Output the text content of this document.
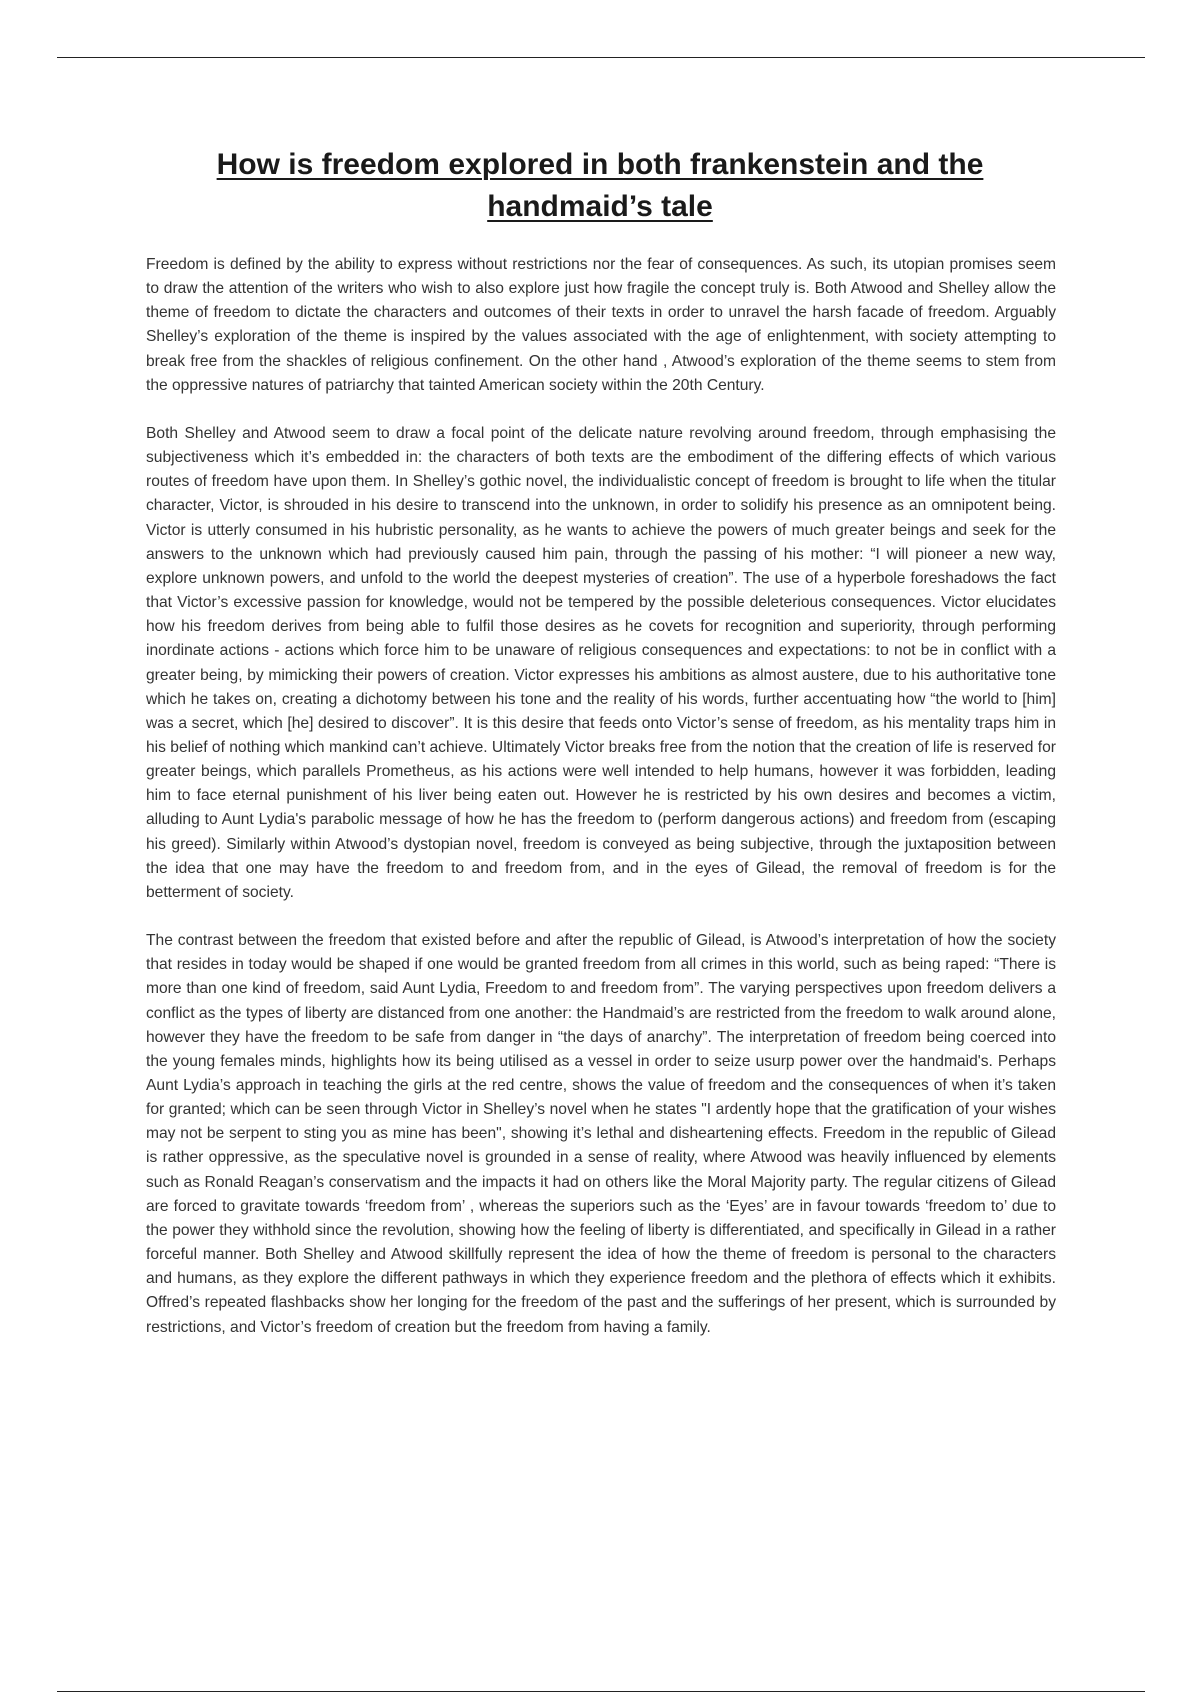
How is freedom explored in both frankenstein and the handmaid’s tale

Freedom is defined by the ability to express without restrictions nor the fear of consequences. As such, its utopian promises seem to draw the attention of the writers who wish to also explore just how fragile the concept truly is. Both Atwood and Shelley allow the theme of freedom to dictate the characters and outcomes of their texts in order to unravel the harsh facade of freedom. Arguably Shelley’s exploration of the theme is inspired by the values associated with the age of enlightenment, with society attempting to break free from the shackles of religious confinement. On the other hand , Atwood’s exploration of the theme seems to stem from the oppressive natures of patriarchy that tainted American society within the 20th Century.

Both Shelley and Atwood seem to draw a focal point of the delicate nature revolving around freedom, through emphasising the subjectiveness which it’s embedded in: the characters of both texts are the embodiment of the differing effects of which various routes of freedom have upon them. In Shelley’s gothic novel, the individualistic concept of freedom is brought to life when the titular character, Victor, is shrouded in his desire to transcend into the unknown, in order to solidify his presence as an omnipotent being. Victor is utterly consumed in his hubristic personality, as he wants to achieve the powers of much greater beings and seek for the answers to the unknown which had previously caused him pain, through the passing of his mother: “I will pioneer a new way, explore unknown powers, and unfold to the world the deepest mysteries of creation”. The use of a hyperbole foreshadows the fact that Victor’s excessive passion for knowledge, would not be tempered by the possible deleterious consequences. Victor elucidates how his freedom derives from being able to fulfil those desires as he covets for recognition and superiority, through performing inordinate actions - actions which force him to be unaware of religious consequences and expectations: to not be in conflict with a greater being, by mimicking their powers of creation. Victor expresses his ambitions as almost austere, due to his authoritative tone which he takes on, creating a dichotomy between his tone and the reality of his words, further accentuating how “the world to [him] was a secret, which [he] desired to discover”. It is this desire that feeds onto Victor’s sense of freedom, as his mentality traps him in his belief of nothing which mankind can’t achieve. Ultimately Victor breaks free from the notion that the creation of life is reserved for greater beings, which parallels Prometheus, as his actions were well intended to help humans, however it was forbidden, leading him to face eternal punishment of his liver being eaten out. However he is restricted by his own desires and becomes a victim, alluding to Aunt Lydia's parabolic message of how he has the freedom to (perform dangerous actions) and freedom from (escaping his greed). Similarly within Atwood’s dystopian novel, freedom is conveyed as being subjective, through the juxtaposition between the idea that one may have the freedom to and freedom from, and in the eyes of Gilead, the removal of freedom is for the betterment of society.

The contrast between the freedom that existed before and after the republic of Gilead, is Atwood’s interpretation of how the society that resides in today would be shaped if one would be granted freedom from all crimes in this world, such as being raped: “There is more than one kind of freedom, said Aunt Lydia, Freedom to and freedom from”. The varying perspectives upon freedom delivers a conflict as the types of liberty are distanced from one another: the Handmaid’s are restricted from the freedom to walk around alone, however they have the freedom to be safe from danger in “the days of anarchy”. The interpretation of freedom being coerced into the young females minds, highlights how its being utilised as a vessel in order to seize usurp power over the handmaid's. Perhaps Aunt Lydia’s approach in teaching the girls at the red centre, shows the value of freedom and the consequences of when it’s taken for granted; which can be seen through Victor in Shelley’s novel when he states "I ardently hope that the gratification of your wishes may not be serpent to sting you as mine has been", showing it’s lethal and disheartening effects. Freedom in the republic of Gilead is rather oppressive, as the speculative novel is grounded in a sense of reality, where Atwood was heavily influenced by elements such as Ronald Reagan’s conservatism and the impacts it had on others like the Moral Majority party. The regular citizens of Gilead are forced to gravitate towards ‘freedom from’ , whereas the superiors such as the ‘Eyes’ are in favour towards ‘freedom to’ due to the power they withhold since the revolution, showing how the feeling of liberty is differentiated, and specifically in Gilead in a rather forceful manner. Both Shelley and Atwood skillfully represent the idea of how the theme of freedom is personal to the characters and humans, as they explore the different pathways in which they experience freedom and the plethora of effects which it exhibits. Offred’s repeated flashbacks show her longing for the freedom of the past and the sufferings of her present, which is surrounded by restrictions, and Victor’s freedom of creation but the freedom from having a family.
